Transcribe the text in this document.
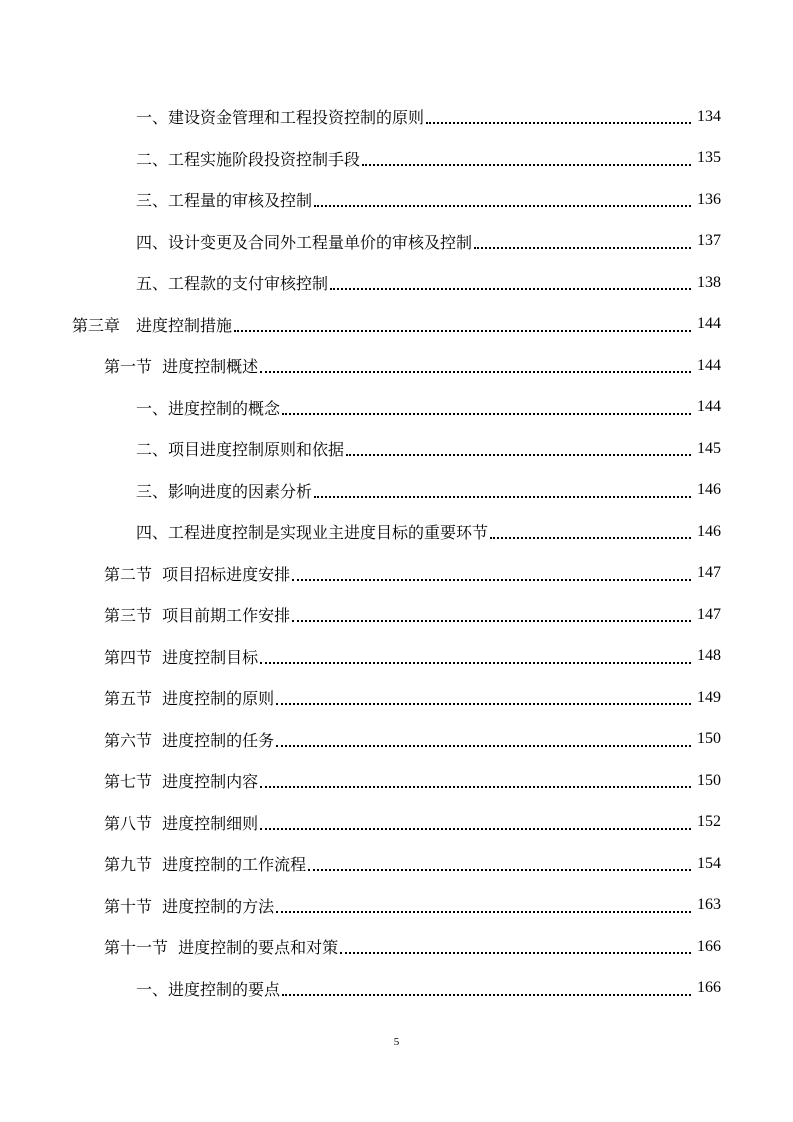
一、建设资金管理和工程投资控制的原则	134
二、工程实施阶段投资控制手段	135
三、工程量的审核及控制	136
四、设计变更及合同外工程量单价的审核及控制	137
五、工程款的支付审核控制	138
第三章　进度控制措施	144
第一节  进度控制概述	144
一、进度控制的概念	144
二、项目进度控制原则和依据	145
三、影响进度的因素分析	146
四、工程进度控制是实现业主进度目标的重要环节	146
第二节  项目招标进度安排	147
第三节  项目前期工作安排	147
第四节  进度控制目标	148
第五节  进度控制的原则	149
第六节  进度控制的任务	150
第七节  进度控制内容	150
第八节  进度控制细则	152
第九节  进度控制的工作流程	154
第十节  进度控制的方法	163
第十一节  进度控制的要点和对策	166
一、进度控制的要点	166
5
